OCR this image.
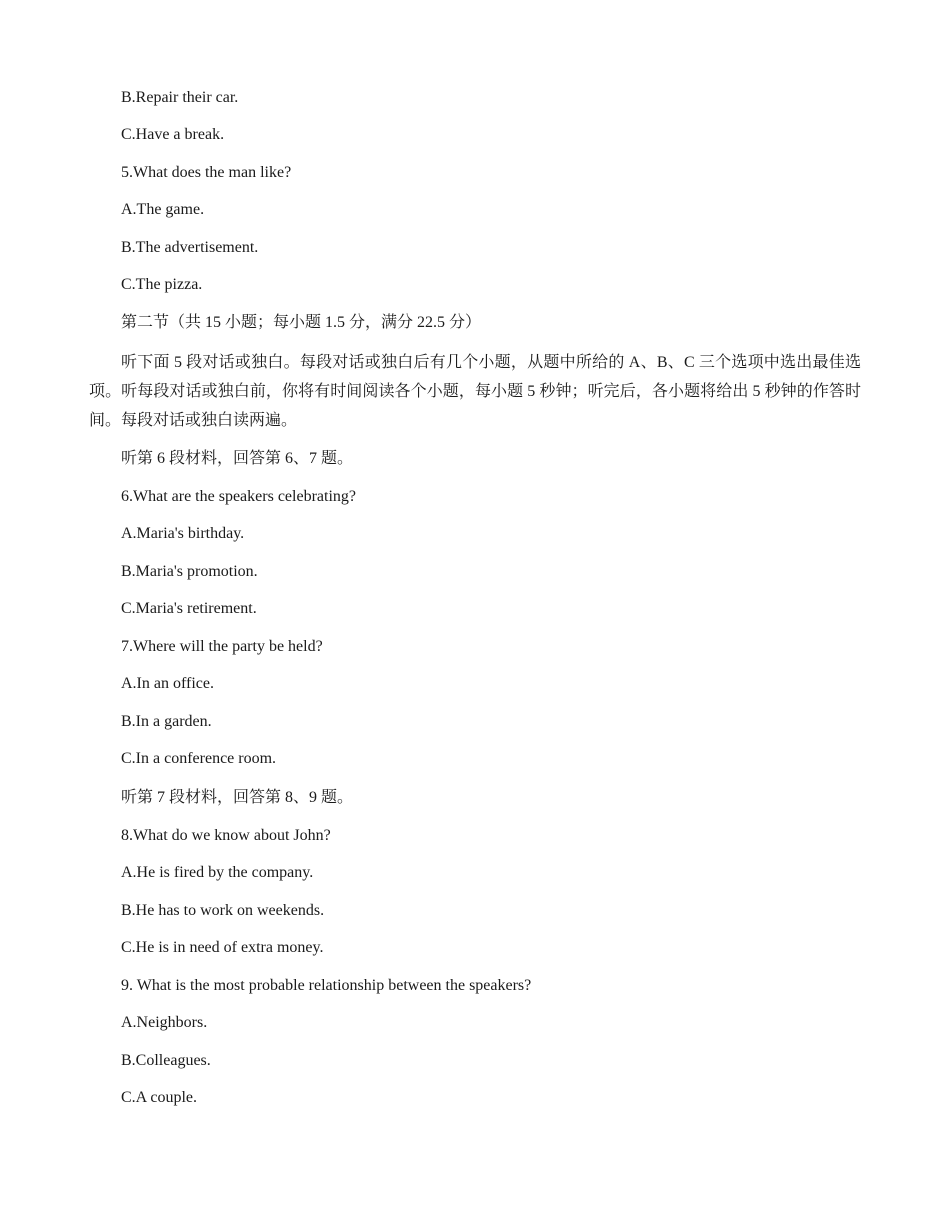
B.Repair their car.
C.Have a break.
5.What does the man like?
A.The game.
B.The advertisement.
C.The pizza.
第二节（共 15 小题；每小题 1.5 分，满分 22.5 分）
听下面 5 段对话或独白。每段对话或独白后有几个小题，从题中所给的 A、B、C 三个选项中选出最佳选项。听每段对话或独白前，你将有时间阅读各个小题，每小题 5 秒钟；听完后，各小题将给出 5 秒钟的作答时间。每段对话或独白读两遍。
听第 6 段材料，回答第 6、7 题。
6.What are the speakers celebrating?
A.Maria's birthday.
B.Maria's promotion.
C.Maria's retirement.
7.Where will the party be held?
A.In an office.
B.In a garden.
C.In a conference room.
听第 7 段材料，回答第 8、9 题。
8.What do we know about John?
A.He is fired by the company.
B.He has to work on weekends.
C.He is in need of extra money.
9. What is the most probable relationship between the speakers?
A.Neighbors.
B.Colleagues.
C.A couple.
